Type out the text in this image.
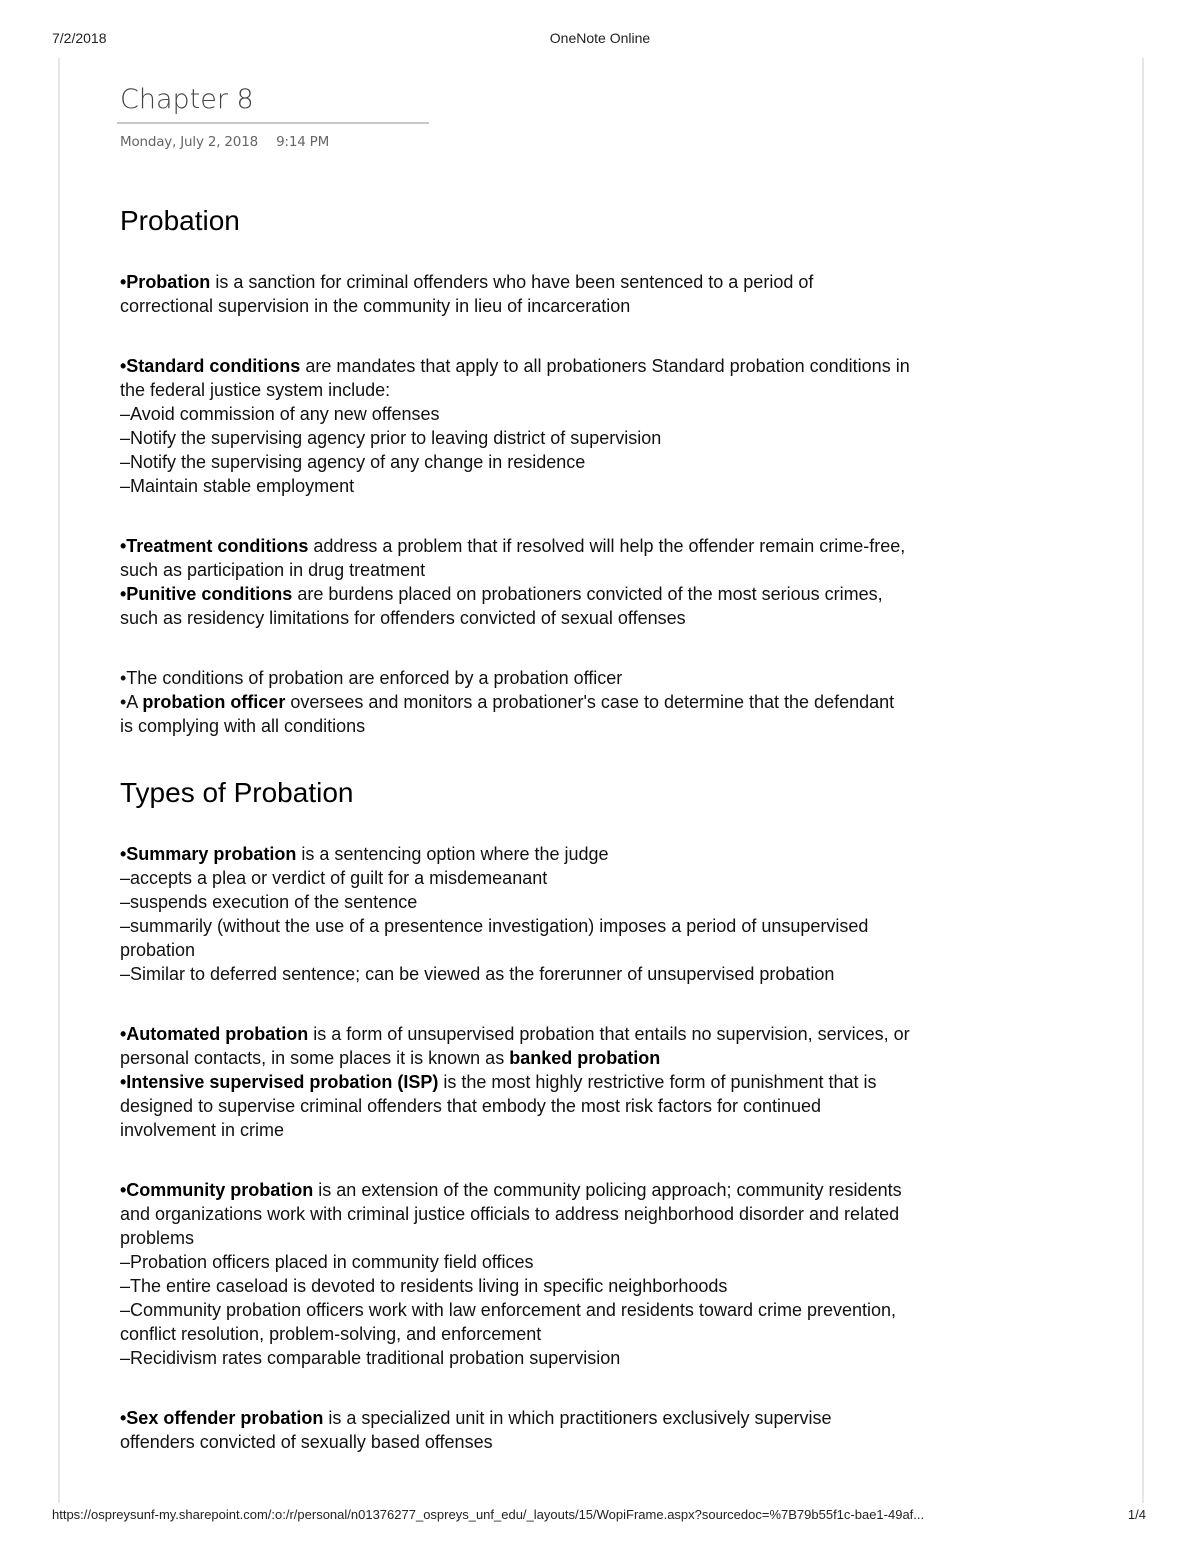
7/2/2018	OneNote Online
Chapter 8
Monday, July 2, 2018 9:14 PM
Probation

•Probation is a sanction for criminal offenders who have been sentenced to a period of correctional supervision in the community in lieu of incarceration

•Standard conditions are mandates that apply to all probationers Standard probation conditions in the federal justice system include:
–Avoid commission of any new offenses
–Notify the supervising agency prior to leaving district of supervision
–Notify the supervising agency of any change in residence
–Maintain stable employment

•Treatment conditions address a problem that if resolved will help the offender remain crime-free, such as participation in drug treatment

•Punitive conditions are burdens placed on probationers convicted of the most serious crimes, such as residency limitations for offenders convicted of sexual offenses

•The conditions of probation are enforced by a probation officer

•A probation officer oversees and monitors a probationer's case to determine that the defendant is complying with all conditions

Types of Probation

•Summary probation is a sentencing option where the judge
–accepts a plea or verdict of guilt for a misdemeanant
–suspends execution of the sentence
–summarily (without the use of a presentence investigation) imposes a period of unsupervised probation
–Similar to deferred sentence; can be viewed as the forerunner of unsupervised probation

•Automated probation is a form of unsupervised probation that entails no supervision, services, or personal contacts, in some places it is known as banked probation

•Intensive supervised probation (ISP) is the most highly restrictive form of punishment that is designed to supervise criminal offenders that embody the most risk factors for continued involvement in crime

•Community probation is an extension of the community policing approach; community residents and organizations work with criminal justice officials to address neighborhood disorder and related problems
–Probation officers placed in community field offices
–The entire caseload is devoted to residents living in specific neighborhoods
–Community probation officers work with law enforcement and residents toward crime prevention, conflict resolution, problem-solving, and enforcement
–Recidivism rates comparable traditional probation supervision

•Sex offender probation is a specialized unit in which practitioners exclusively supervise offenders convicted of sexually based offenses

https://ospreysunf-my.sharepoint.com/:o:/r/personal/n01376277_ospreys_unf_edu/_layouts/15/WopiFrame.aspx?sourcedoc=%7B79b55f1c-bae1-49af...	1/4
